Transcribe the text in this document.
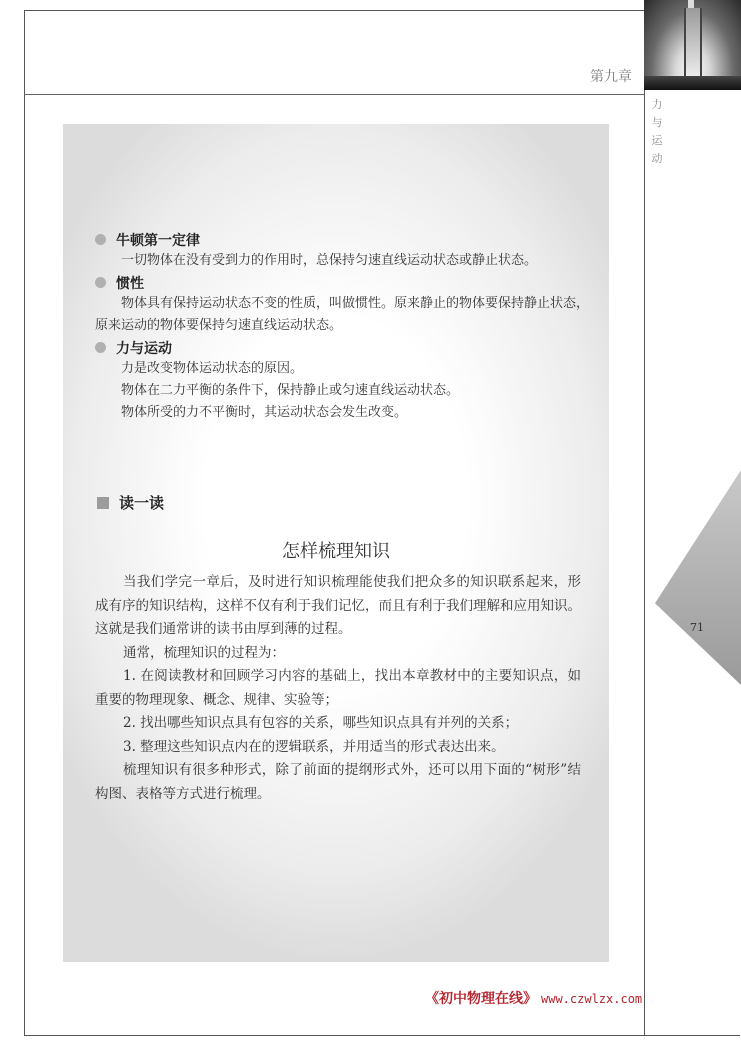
第九章
力
与
运
动
71
牛顿第一定律

一切物体在没有受到力的作用时，总保持匀速直线运动状态或静止状态。

惯性

物体具有保持运动状态不变的性质，叫做惯性。原来静止的物体要保持静止状态，原来运动的物体要保持匀速直线运动状态。

力与运动

力是改变物体运动状态的原因。

物体在二力平衡的条件下，保持静止或匀速直线运动状态。

物体所受的力不平衡时，其运动状态会发生改变。

读一读
怎样梳理知识

当我们学完一章后，及时进行知识梳理能使我们把众多的知识联系起来，形成有序的知识结构，这样不仅有利于我们记忆，而且有利于我们理解和应用知识。这就是我们通常讲的读书由厚到薄的过程。

通常，梳理知识的过程为：

1. 在阅读教材和回顾学习内容的基础上，找出本章教材中的主要知识点，如重要的物理现象、概念、规律、实验等；

2. 找出哪些知识点具有包容的关系，哪些知识点具有并列的关系；

3. 整理这些知识点内在的逻辑联系，并用适当的形式表达出来。

梳理知识有很多种形式，除了前面的提纲形式外，还可以用下面的“树形”结构图、表格等方式进行梳理。

《初中物理在线》 www.czwlzx.com
